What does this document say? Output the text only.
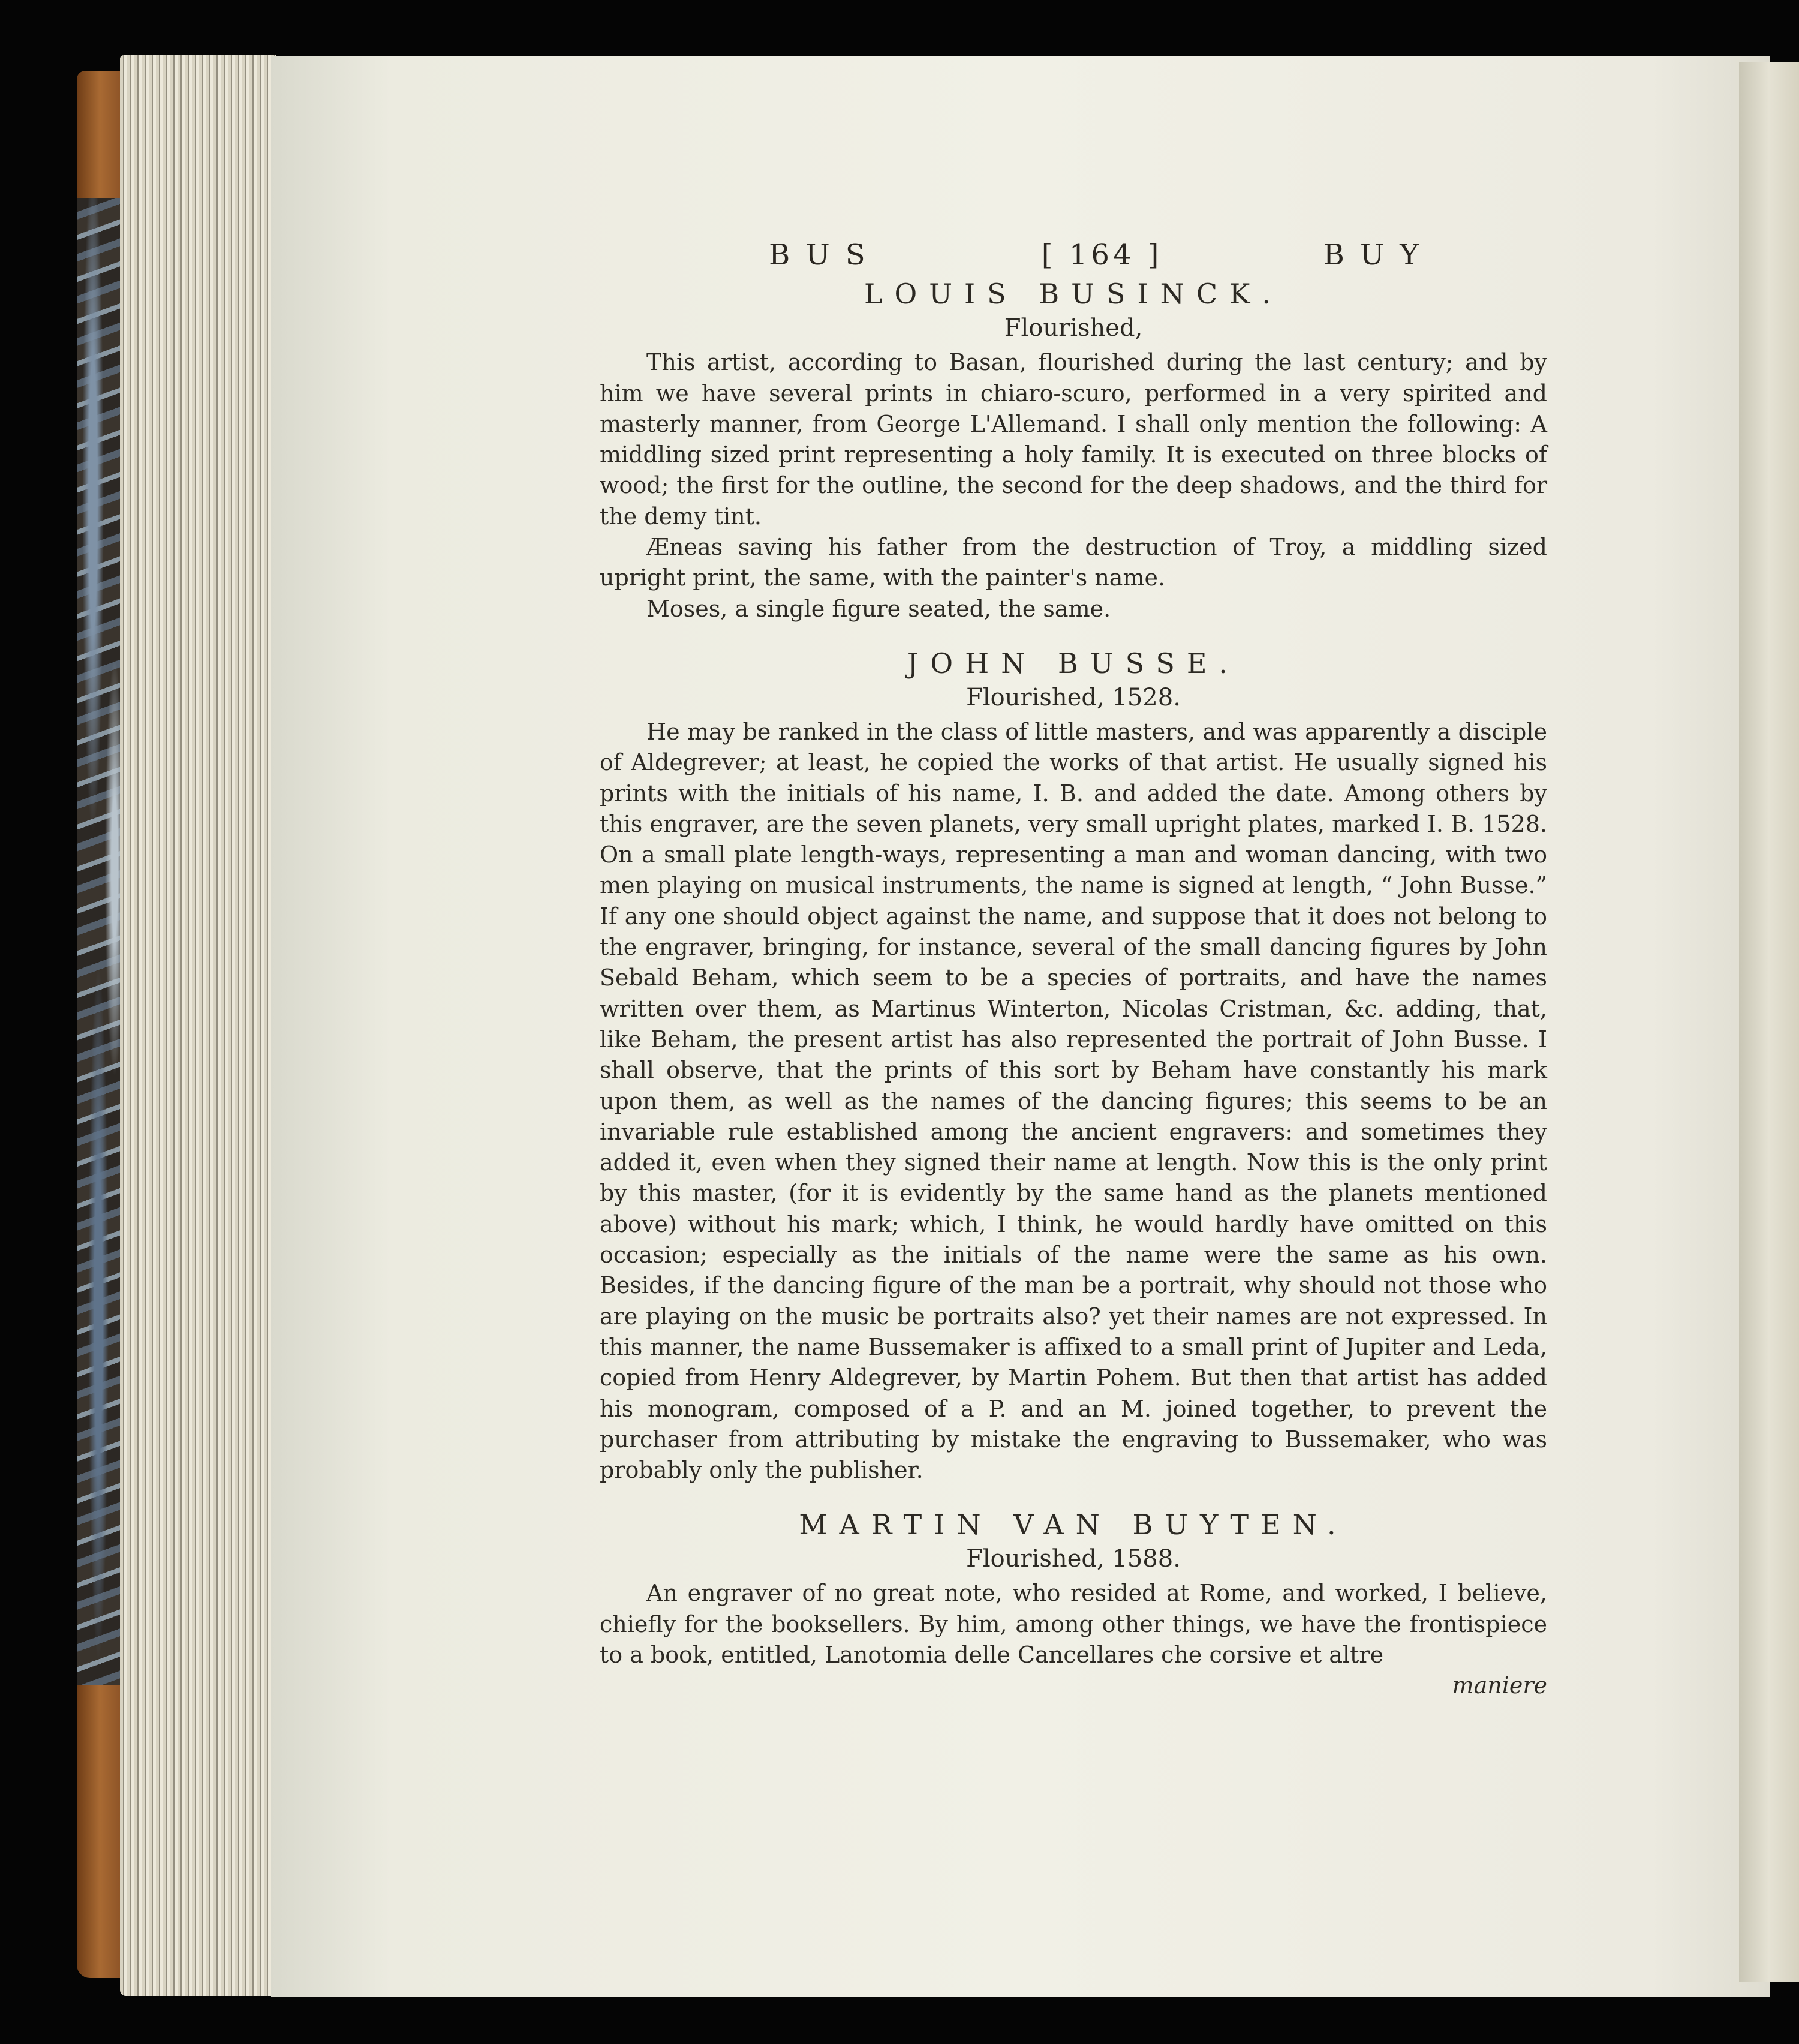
BUS	[ 164 ]	BUY
LOUIS BUSINCK.
Flourished,

This artist, according to Basan, flourished during the last century; and by him we have several prints in chiaro-scuro, performed in a very spirited and masterly manner, from George L'Allemand. I shall only mention the following: A middling sized print representing a holy family. It is executed on three blocks of wood; the first for the outline, the second for the deep shadows, and the third for the demy tint.

Æneas saving his father from the destruction of Troy, a middling sized upright print, the same, with the painter's name.

Moses, a single figure seated, the same.

JOHN BUSSE.
Flourished, 1528.

He may be ranked in the class of little masters, and was apparently a disciple of Aldegrever; at least, he copied the works of that artist. He usually signed his prints with the initials of his name, I. B. and added the date. Among others by this engraver, are the seven planets, very small upright plates, marked I. B. 1528. On a small plate length-ways, representing a man and woman dancing, with two men playing on musical instruments, the name is signed at length, “ John Busse.” If any one should object against the name, and suppose that it does not belong to the engraver, bringing, for instance, several of the small dancing figures by John Sebald Beham, which seem to be a species of portraits, and have the names written over them, as Martinus Winterton, Nicolas Cristman, &c. adding, that, like Beham, the present artist has also represented the portrait of John Busse. I shall observe, that the prints of this sort by Beham have constantly his mark upon them, as well as the names of the dancing figures; this seems to be an invariable rule established among the ancient engravers: and sometimes they added it, even when they signed their name at length. Now this is the only print by this master, (for it is evidently by the same hand as the planets mentioned above) without his mark; which, I think, he would hardly have omitted on this occasion; especially as the initials of the name were the same as his own. Besides, if the dancing figure of the man be a portrait, why should not those who are playing on the music be portraits also? yet their names are not expressed. In this manner, the name Bussemaker is affixed to a small print of Jupiter and Leda, copied from Henry Aldegrever, by Martin Pohem. But then that artist has added his monogram, composed of a P. and an M. joined together, to prevent the purchaser from attributing by mistake the engraving to Bussemaker, who was probably only the publisher.

MARTIN VAN BUYTEN.
Flourished, 1588.

An engraver of no great note, who resided at Rome, and worked, I believe, chiefly for the booksellers. By him, among other things, we have the frontispiece to a book, entitled, Lanotomia delle Cancellares che corsive et altre

maniere
